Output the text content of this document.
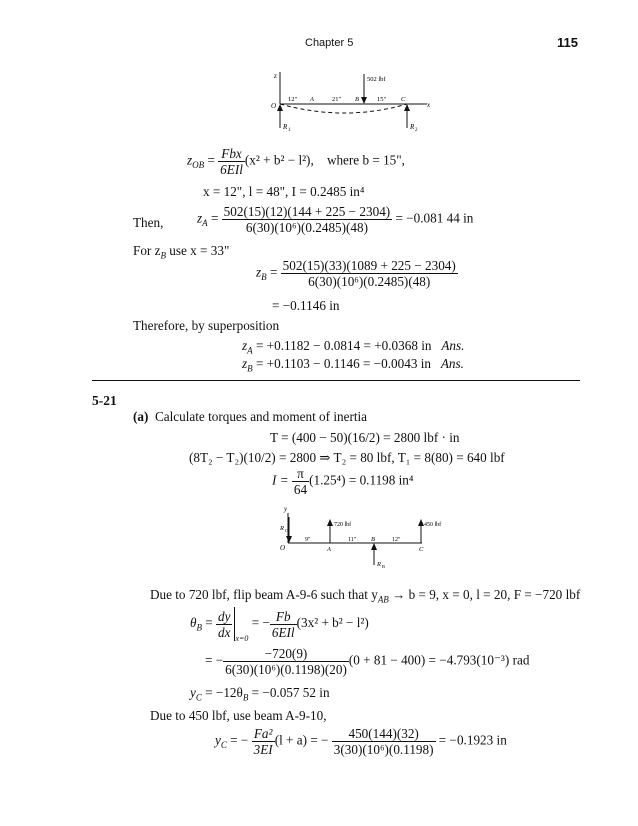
Chapter 5	115
z
O	x
502 lbf
12" A	21" B	15" C
R 1	R 2
$z_{OB} = \frac{\text{Fbx}}{\text{6EIl}} (x^2 + b^2 - l^2)$, where b = 15",
x = 12", l = 48", I = 0.2485 in⁴
Then,	$z_A = \frac{502(15)(12)(144 + 225 - 2304)}{\text{6(30)(10⁶)(0.2485)(48)}} = -0.081$ 44 in
For $z_B$ use x = 33"
$z_B = \frac{502(15)(33)(1089 + 225 - 2304)}{\text{6(30)(10⁶)(0.2485)(48)}}$
= −0.1146 in
Therefore, by superposition
$z_A = +0.1182 - 0.0814 = +0.0368$ in Ans.
$z_B = +0.1103 - 0.1146 = -0.0043$ in Ans.
5-21
(a) Calculate torques and moment of inertia
T = (400 − 50)(16/2) = 2800 lbf · in
(8T₂ − T₂)(10/2) = 2800 ⇒ T₂ = 80 lbf, T₁ = 8(80) = 640 lbf
$I = \frac{\pi}{64} (1.25^4) = 0.1198$ in⁴
y
R O
O
720 lbf	450 lbf
9"	11"	12"
A
B
C
R B
Due to 720 lbf, flip beam A-9-6 such that $y_{AB} \to b = 9$, x = 0, l = 20, F = −720 lbf
$\theta_B = \frac{dy}{dx} _{x=0}$ = − $\frac{Fb}{\text{6EIl}} (3x^2 + b^2 - l^2)$
= − $\frac{-720(9)}{\text{6(30)(10⁶)(0.1198)(20)}} (0 + 81 - 400) = -4.793(10^{-3})$ rad
$y_C = -12\theta_B = -0.057$ 52 in
Due to 450 lbf, use beam A-9-10,
$y_C$ = − $\frac{\text{Fa²}}{3EI} (l + a)$ = − $\frac{450(144)(32)}{\text{3(30)(10⁶)(0.1198)}} = -0.1923$ in
